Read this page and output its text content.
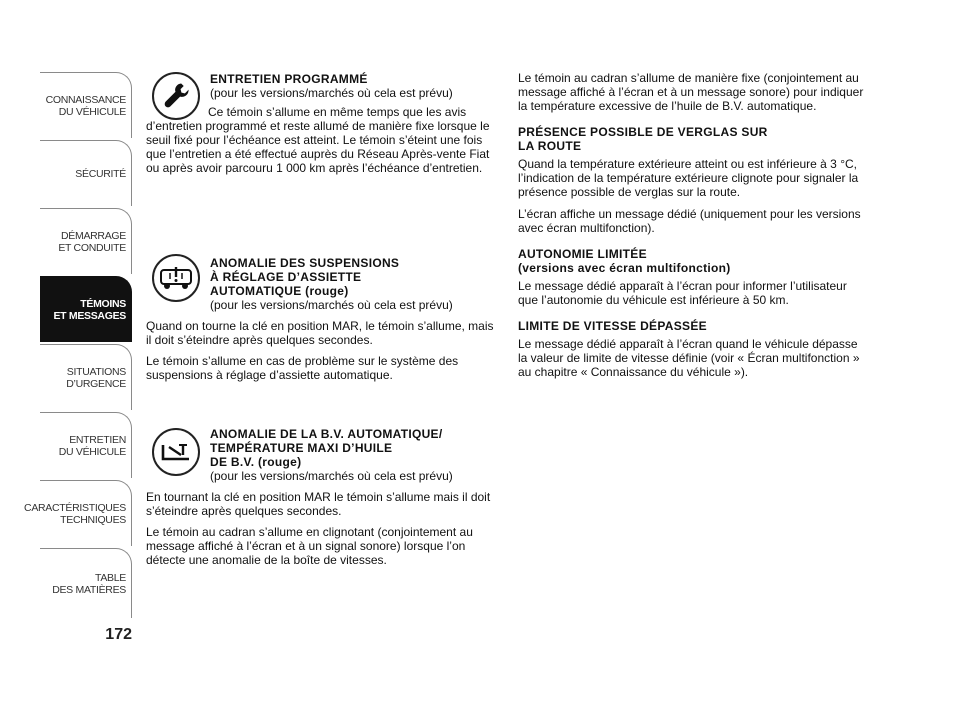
CONNAISSANCE
DU VÉHICULE
SÉCURITÉ
DÉMARRAGE
ET CONDUITE
TÉMOINS
ET MESSAGES
SITUATIONS
D’URGENCE
ENTRETIEN
DU VÉHICULE
CARACTÉRISTIQUES
TECHNIQUES
TABLE
DES MATIÈRES
172
ENTRETIEN PROGRAMMÉ
(pour les versions/marchés où cela est prévu)

Ce témoin s’allume en même temps que les avis d’entretien programmé et reste allumé de manière fixe lorsque le seuil fixé pour l’échéance est atteint. Le témoin s’éteint une fois que l’entretien a été effectué auprès du Réseau Après-vente Fiat ou après avoir parcouru 1 000 km après l’échéance d’entretien.

ANOMALIE DES SUSPENSIONS
À RÉGLAGE D’ASSIETTE
AUTOMATIQUE (rouge)
(pour les versions/marchés où cela est prévu)

Quand on tourne la clé en position MAR, le témoin s’allume, mais il doit s’éteindre après quelques secondes.

Le témoin s’allume en cas de problème sur le système des suspensions à réglage d’assiette automatique.

ANOMALIE DE LA B.V. AUTOMATIQUE/
TEMPÉRATURE MAXI D’HUILE
DE B.V. (rouge)
(pour les versions/marchés où cela est prévu)

En tournant la clé en position MAR le témoin s’allume mais il doit s’éteindre après quelques secondes.

Le témoin au cadran s’allume en clignotant (conjointement au message affiché à l’écran et à un signal sonore) lorsque l’on détecte une anomalie de la boîte de vitesses.

Le témoin au cadran s’allume de manière fixe (conjointement au message affiché à l’écran et à un message sonore) pour indiquer la température excessive de l’huile de B.V. automatique.

PRÉSENCE POSSIBLE DE VERGLAS SUR
LA ROUTE

Quand la température extérieure atteint ou est inférieure à 3 °C, l’indication de la température extérieure clignote pour signaler la présence possible de verglas sur la route.

L’écran affiche un message dédié (uniquement pour les versions avec écran multifonction).

AUTONOMIE LIMITÉE
(versions avec écran multifonction)

Le message dédié apparaît à l’écran pour informer l’utilisateur que l’autonomie du véhicule est inférieure à 50 km.

LIMITE DE VITESSE DÉPASSÉE

Le message dédié apparaît à l’écran quand le véhicule dépasse la valeur de limite de vitesse définie (voir « Écran multifonction » au chapitre « Connaissance du véhicule »).
